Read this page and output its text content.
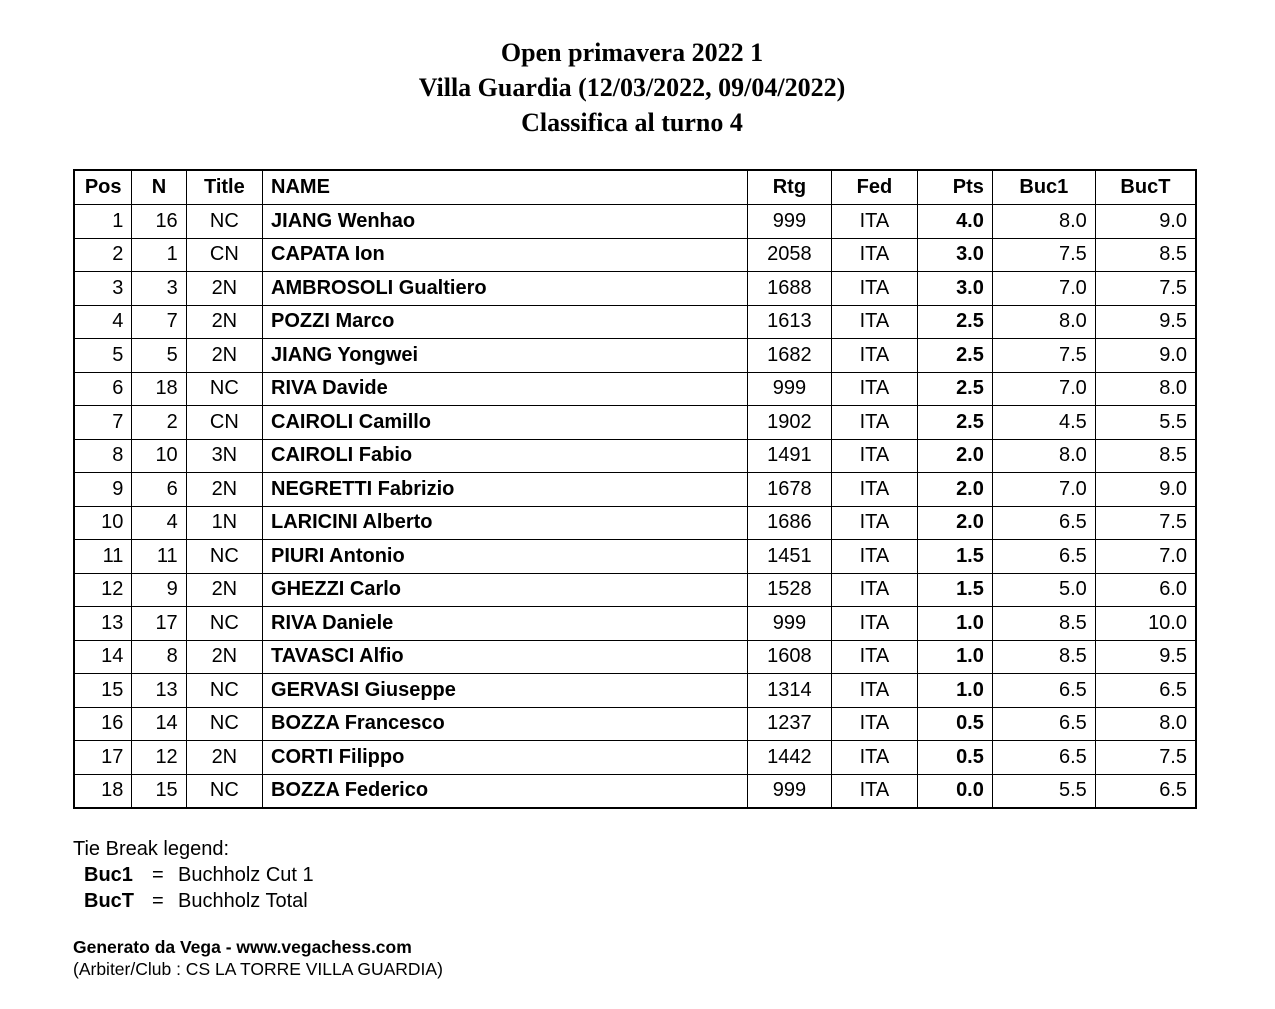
Open primavera 2022 1
Villa Guardia (12/03/2022, 09/04/2022)
Classifica al turno 4
Pos	N	Title	NAME	Rtg	Fed	Pts	Buc1	BucT
1	16	NC	JIANG Wenhao	999	ITA	4.0	8.0	9.0
2	1	CN	CAPATA Ion	2058	ITA	3.0	7.5	8.5
3	3	2N	AMBROSOLI Gualtiero	1688	ITA	3.0	7.0	7.5
4	7	2N	POZZI Marco	1613	ITA	2.5	8.0	9.5
5	5	2N	JIANG Yongwei	1682	ITA	2.5	7.5	9.0
6	18	NC	RIVA Davide	999	ITA	2.5	7.0	8.0
7	2	CN	CAIROLI Camillo	1902	ITA	2.5	4.5	5.5
8	10	3N	CAIROLI Fabio	1491	ITA	2.0	8.0	8.5
9	6	2N	NEGRETTI Fabrizio	1678	ITA	2.0	7.0	9.0
10	4	1N	LARICINI Alberto	1686	ITA	2.0	6.5	7.5
11	11	NC	PIURI Antonio	1451	ITA	1.5	6.5	7.0
12	9	2N	GHEZZI Carlo	1528	ITA	1.5	5.0	6.0
13	17	NC	RIVA Daniele	999	ITA	1.0	8.5	10.0
14	8	2N	TAVASCI Alfio	1608	ITA	1.0	8.5	9.5
15	13	NC	GERVASI Giuseppe	1314	ITA	1.0	6.5	6.5
16	14	NC	BOZZA Francesco	1237	ITA	0.5	6.5	8.0
17	12	2N	CORTI Filippo	1442	ITA	0.5	6.5	7.5
18	15	NC	BOZZA Federico	999	ITA	0.0	5.5	6.5
Tie Break legend:
Buc1 = Buchholz Cut 1
BucT = Buchholz Total
Generato da Vega - www.vegachess.com
(Arbiter/Club : CS LA TORRE VILLA GUARDIA)
